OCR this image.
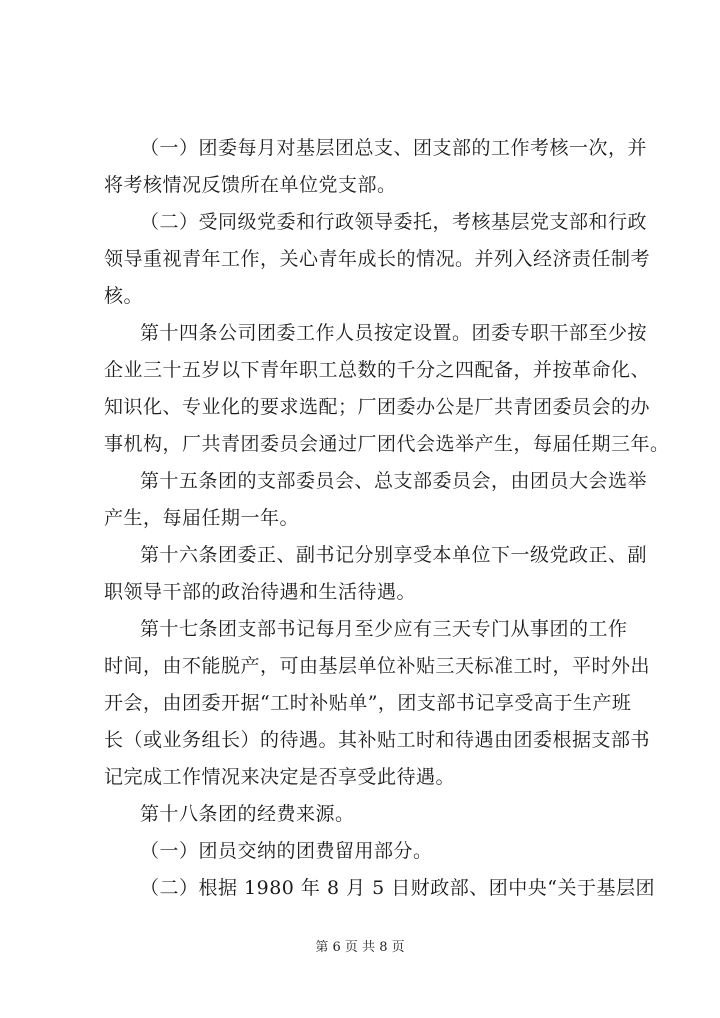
（一）团委每月对基层团总支、团支部的工作考核一次，并
将考核情况反馈所在单位党支部。
（二）受同级党委和行政领导委托，考核基层党支部和行政
领导重视青年工作，关心青年成长的情况。并列入经济责任制考
核。
第十四条公司团委工作人员按定设置。团委专职干部至少按
企业三十五岁以下青年职工总数的千分之四配备，并按革命化、
知识化、专业化的要求选配；厂团委办公是厂共青团委员会的办
事机构，厂共青团委员会通过厂团代会选举产生，每届任期三年。
第十五条团的支部委员会、总支部委员会，由团员大会选举
产生，每届任期一年。
第十六条团委正、副书记分别享受本单位下一级党政正、副
职领导干部的政治待遇和生活待遇。
第十七条团支部书记每月至少应有三天专门从事团的工作
时间，由不能脱产，可由基层单位补贴三天标准工时，平时外出
开会，由团委开据“工时补贴单”，团支部书记享受高于生产班
长（或业务组长）的待遇。其补贴工时和待遇由团委根据支部书
记完成工作情况来决定是否享受此待遇。
第十八条团的经费来源。
（一）团员交纳的团费留用部分。
（二）根据 1980 年 8 月 5 日财政部、团中央“关于基层团
第 6 页 共 8 页
